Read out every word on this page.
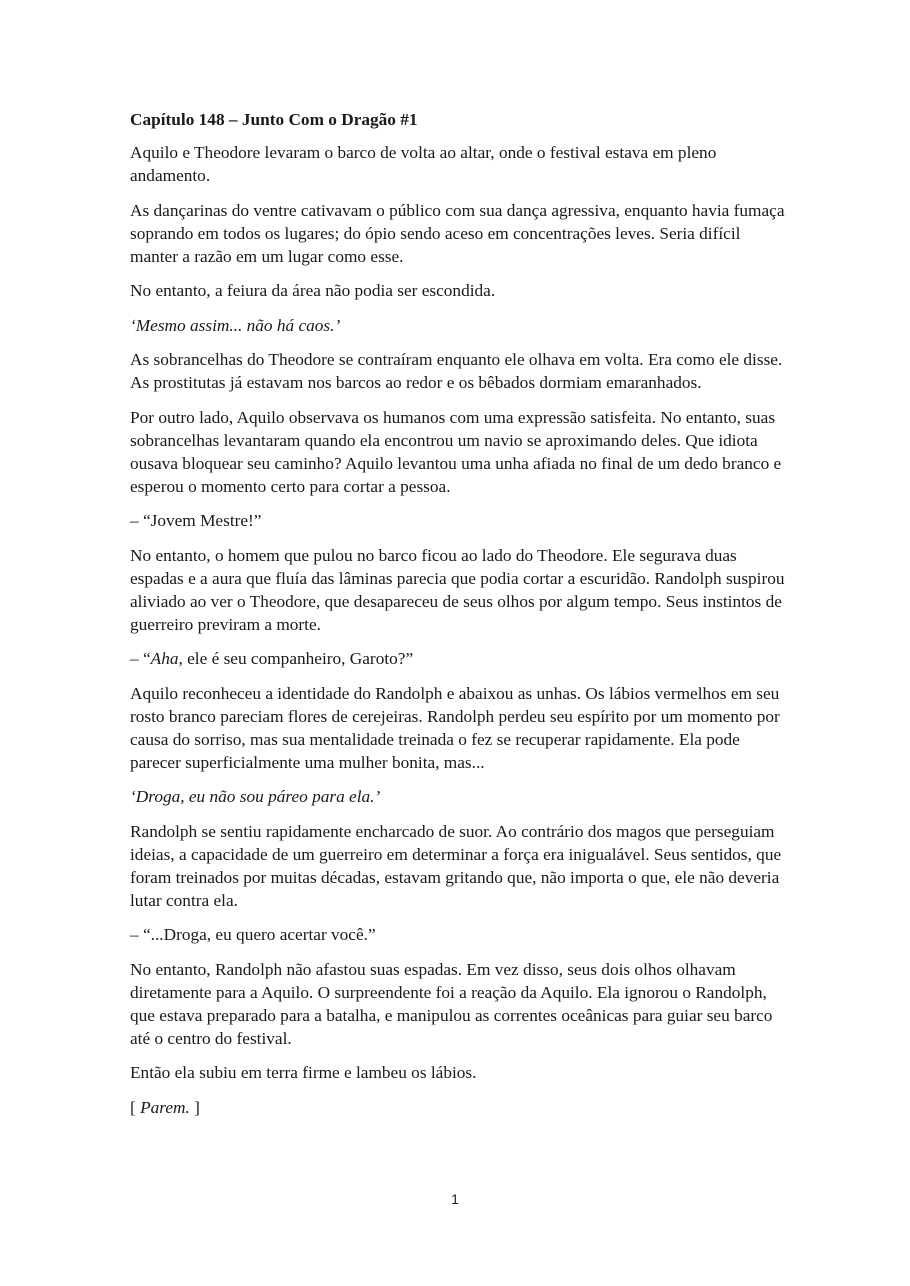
Capítulo 148 – Junto Com o Dragão #1

Aquilo e Theodore levaram o barco de volta ao altar, onde o festival estava em pleno andamento.

As dançarinas do ventre cativavam o público com sua dança agressiva, enquanto havia fumaça soprando em todos os lugares; do ópio sendo aceso em concentrações leves. Seria difícil manter a razão em um lugar como esse.

No entanto, a feiura da área não podia ser escondida.

‘Mesmo assim... não há caos.’

As sobrancelhas do Theodore se contraíram enquanto ele olhava em volta. Era como ele disse. As prostitutas já estavam nos barcos ao redor e os bêbados dormiam emaranhados.

Por outro lado, Aquilo observava os humanos com uma expressão satisfeita. No entanto, suas sobrancelhas levantaram quando ela encontrou um navio se aproximando deles. Que idiota ousava bloquear seu caminho? Aquilo levantou uma unha afiada no final de um dedo branco e esperou o momento certo para cortar a pessoa.

– “Jovem Mestre!”

No entanto, o homem que pulou no barco ficou ao lado do Theodore. Ele segurava duas espadas e a aura que fluía das lâminas parecia que podia cortar a escuridão. Randolph suspirou aliviado ao ver o Theodore, que desapareceu de seus olhos por algum tempo. Seus instintos de guerreiro previram a morte.

– “Aha, ele é seu companheiro, Garoto?”

Aquilo reconheceu a identidade do Randolph e abaixou as unhas. Os lábios vermelhos em seu rosto branco pareciam flores de cerejeiras. Randolph perdeu seu espírito por um momento por causa do sorriso, mas sua mentalidade treinada o fez se recuperar rapidamente. Ela pode parecer superficialmente uma mulher bonita, mas...

‘Droga, eu não sou páreo para ela.’

Randolph se sentiu rapidamente encharcado de suor. Ao contrário dos magos que perseguiam ideias, a capacidade de um guerreiro em determinar a força era inigualável. Seus sentidos, que foram treinados por muitas décadas, estavam gritando que, não importa o que, ele não deveria lutar contra ela.

– “...Droga, eu quero acertar você.”

No entanto, Randolph não afastou suas espadas. Em vez disso, seus dois olhos olhavam diretamente para a Aquilo. O surpreendente foi a reação da Aquilo. Ela ignorou o Randolph, que estava preparado para a batalha, e manipulou as correntes oceânicas para guiar seu barco até o centro do festival.

Então ela subiu em terra firme e lambeu os lábios.

[ Parem. ]

1
